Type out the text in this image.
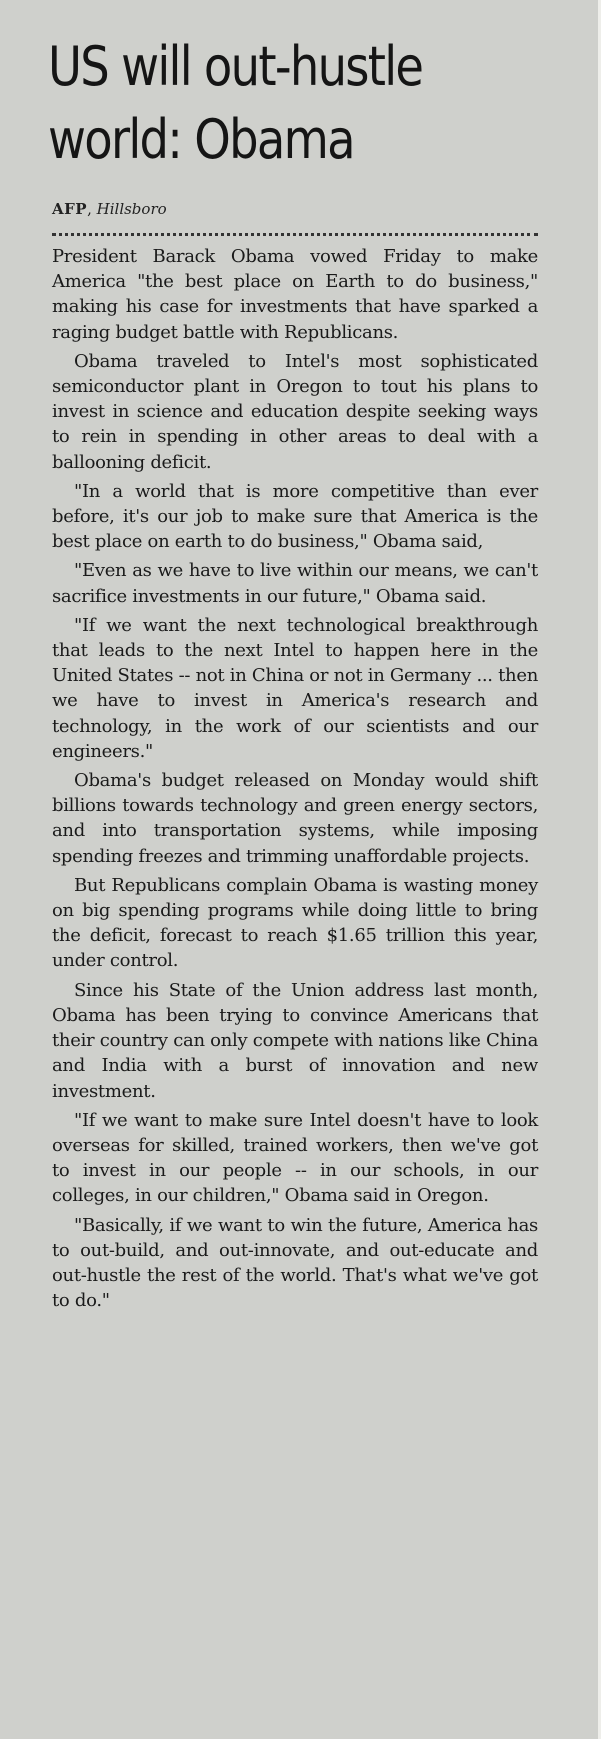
US will out-hustle
world: Obama
AFP, Hillsboro

President Barack Obama vowed Friday to make America "the best place on Earth to do business," making his case for investments that have sparked a raging budget battle with Republicans.

Obama traveled to Intel's most sophisticated semiconductor plant in Oregon to tout his plans to invest in science and education despite seeking ways to rein in spending in other areas to deal with a ballooning deficit.

"In a world that is more competitive than ever before, it's our job to make sure that America is the best place on earth to do business," Obama said,

"Even as we have to live within our means, we can't sacrifice investments in our future," Obama said.

"If we want the next technological breakthrough that leads to the next Intel to happen here in the United States -- not in China or not in Germany ... then we have to invest in America's research and technology, in the work of our scientists and our engineers."

Obama's budget released on Monday would shift billions towards technology and green energy sectors, and into transportation systems, while imposing spending freezes and trimming unaffordable projects.

But Republicans complain Obama is wasting money on big spending programs while doing little to bring the deficit, forecast to reach $1.65 trillion this year, under control.

Since his State of the Union address last month, Obama has been trying to convince Americans that their country can only compete with nations like China and India with a burst of innovation and new investment.

"If we want to make sure Intel doesn't have to look overseas for skilled, trained workers, then we've got to invest in our people -- in our schools, in our colleges, in our children," Obama said in Oregon.

"Basically, if we want to win the future, America has to out-build, and out-innovate, and out-educate and out-hustle the rest of the world. That's what we've got to do."
